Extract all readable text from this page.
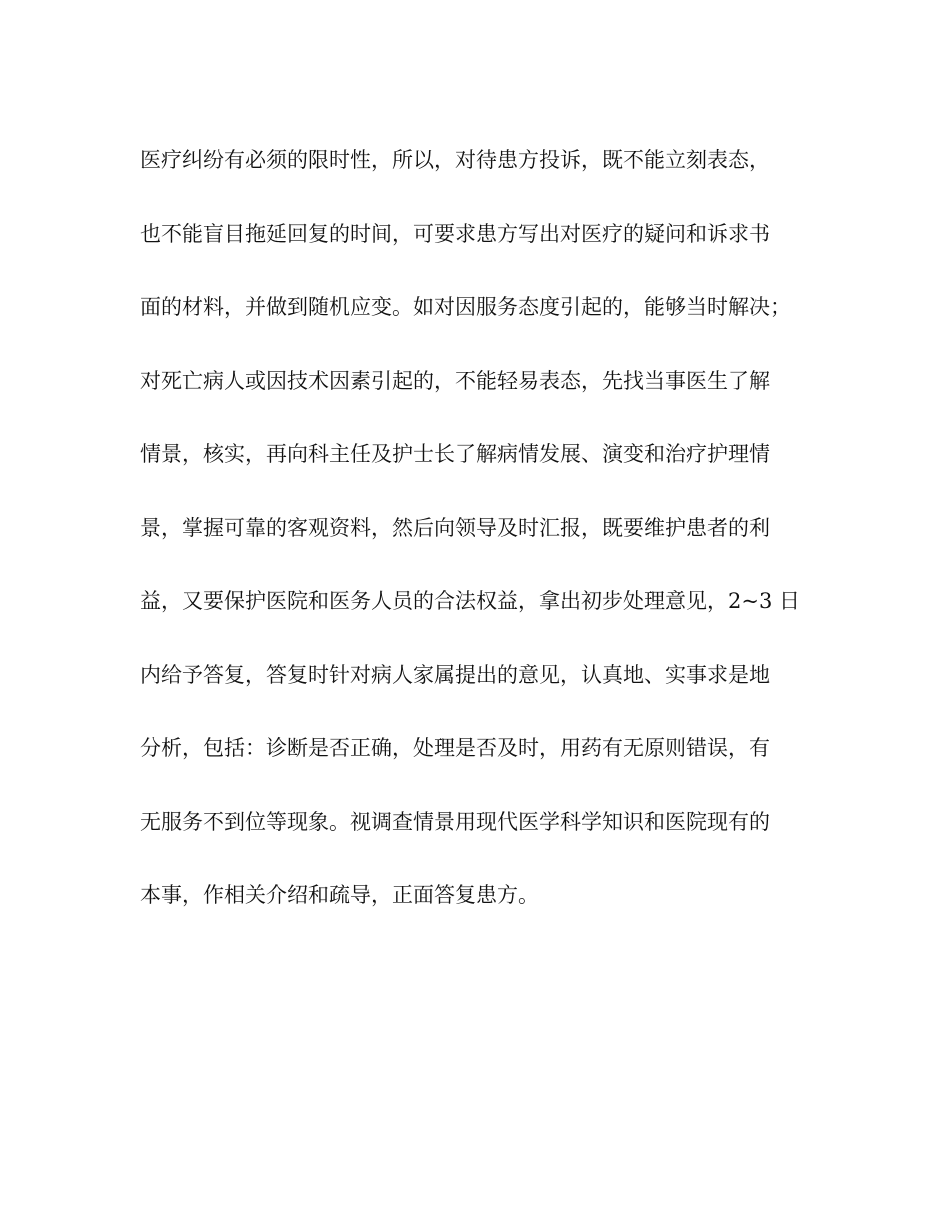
医疗纠纷有必须的限时性，所以，对待患方投诉，既不能立刻表态，
也不能盲目拖延回复的时间，可要求患方写出对医疗的疑问和诉求书
面的材料，并做到随机应变。如对因服务态度引起的，能够当时解决；
对死亡病人或因技术因素引起的，不能轻易表态，先找当事医生了解
情景，核实，再向科主任及护士长了解病情发展、演变和治疗护理情
景，掌握可靠的客观资料，然后向领导及时汇报，既要维护患者的利
益，又要保护医院和医务人员的合法权益，拿出初步处理意见，2~3 日
内给予答复，答复时针对病人家属提出的意见，认真地、实事求是地
分析，包括：诊断是否正确，处理是否及时，用药有无原则错误，有
无服务不到位等现象。视调查情景用现代医学科学知识和医院现有的
本事，作相关介绍和疏导，正面答复患方。
